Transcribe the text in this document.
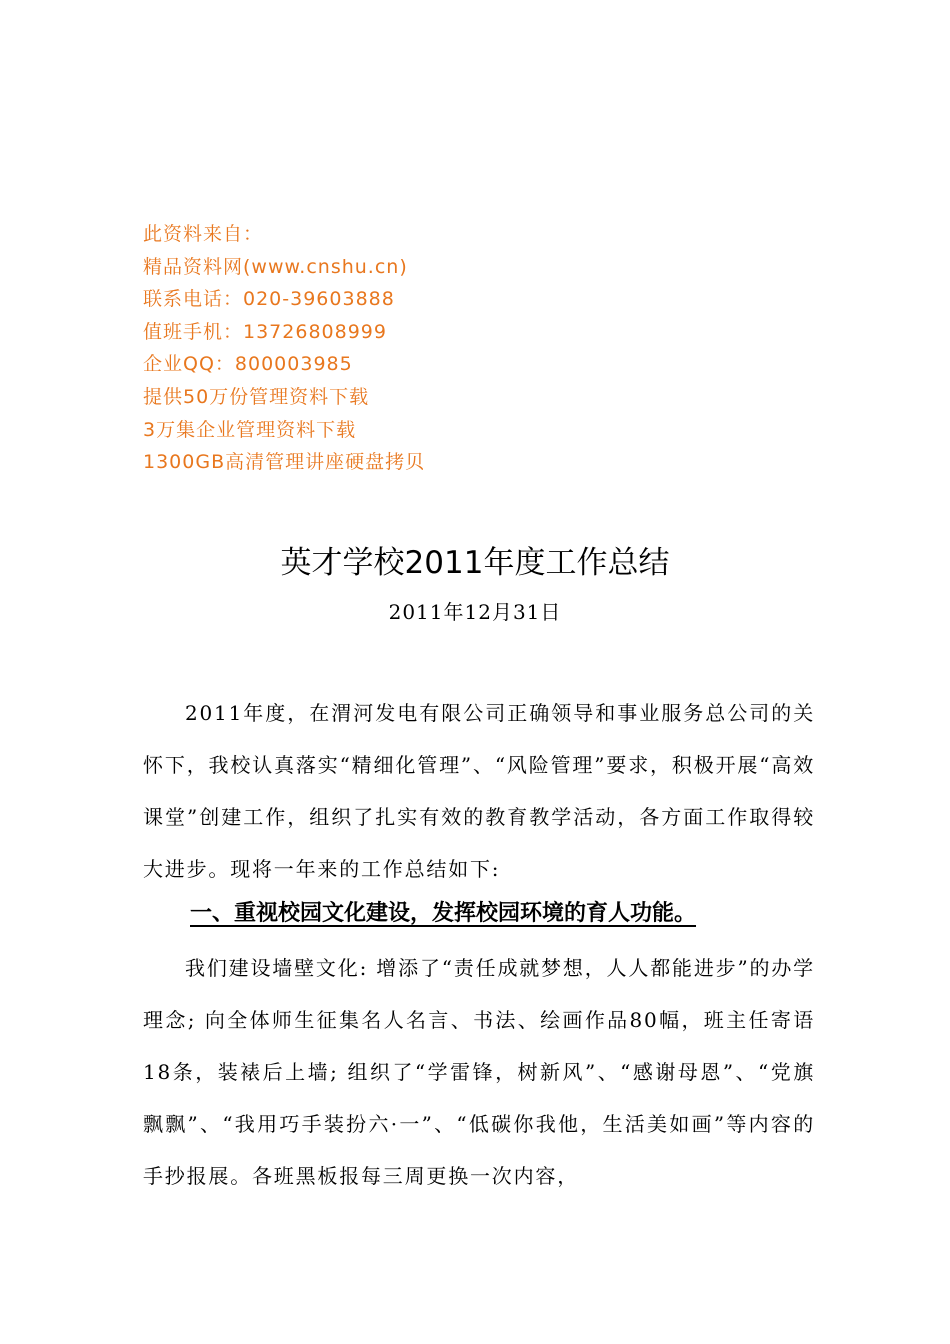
此资料来自：
精品资料网(www.cnshu.cn)
联系电话：020-39603888
值班手机：13726808999
企业QQ：800003985
提供50万份管理资料下载
3万集企业管理资料下载
1300GB高清管理讲座硬盘拷贝
英才学校2011年度工作总结
2011年12月31日

2011年度，在渭河发电有限公司正确领导和事业服务总公司的关怀下，我校认真落实“精细化管理”、“风险管理”要求，积极开展“高效课堂”创建工作，组织了扎实有效的教育教学活动，各方面工作取得较大进步。现将一年来的工作总结如下:

一、重视校园文化建设，发挥校园环境的育人功能。

我们建设墙壁文化: 增添了“责任成就梦想，人人都能进步”的办学理念; 向全体师生征集名人名言、书法、绘画作品80幅，班主任寄语18条，装裱后上墙; 组织了“学雷锋，树新风”、“感谢母恩”、“党旗飘飘”、“我用巧手装扮六·一”、“低碳你我他，生活美如画”等内容的手抄报展。各班黑板报每三周更换一次内容，
